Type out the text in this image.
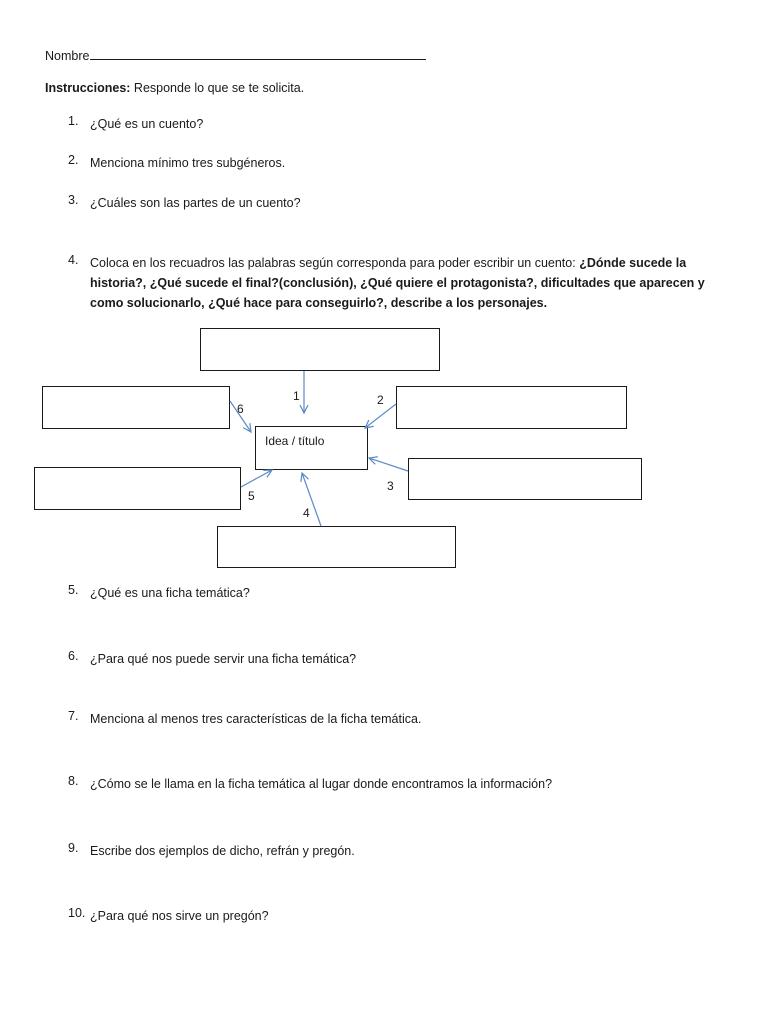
Nombre
Instrucciones: Responde lo que se te solicita.
1. ¿Qué es un cuento?
2. Menciona mínimo tres subgéneros.
3. ¿Cuáles son las partes de un cuento?
4. Coloca en los recuadros las palabras según corresponda para poder escribir un cuento: ¿Dónde sucede la historia?, ¿Qué sucede el final?(conclusión), ¿Qué quiere el protagonista?, dificultades que aparecen y como solucionarlo, ¿Qué hace para conseguirlo?, describe a los personajes.
Idea / título
1	2
3
4
5
6
5. ¿Qué es una ficha temática?
6. ¿Para qué nos puede servir una ficha temática?
7. Menciona al menos tres características de la ficha temática.
8. ¿Cómo se le llama en la ficha temática al lugar donde encontramos la información?
9. Escribe dos ejemplos de dicho, refrán y pregón.
10. ¿Para qué nos sirve un pregón?
